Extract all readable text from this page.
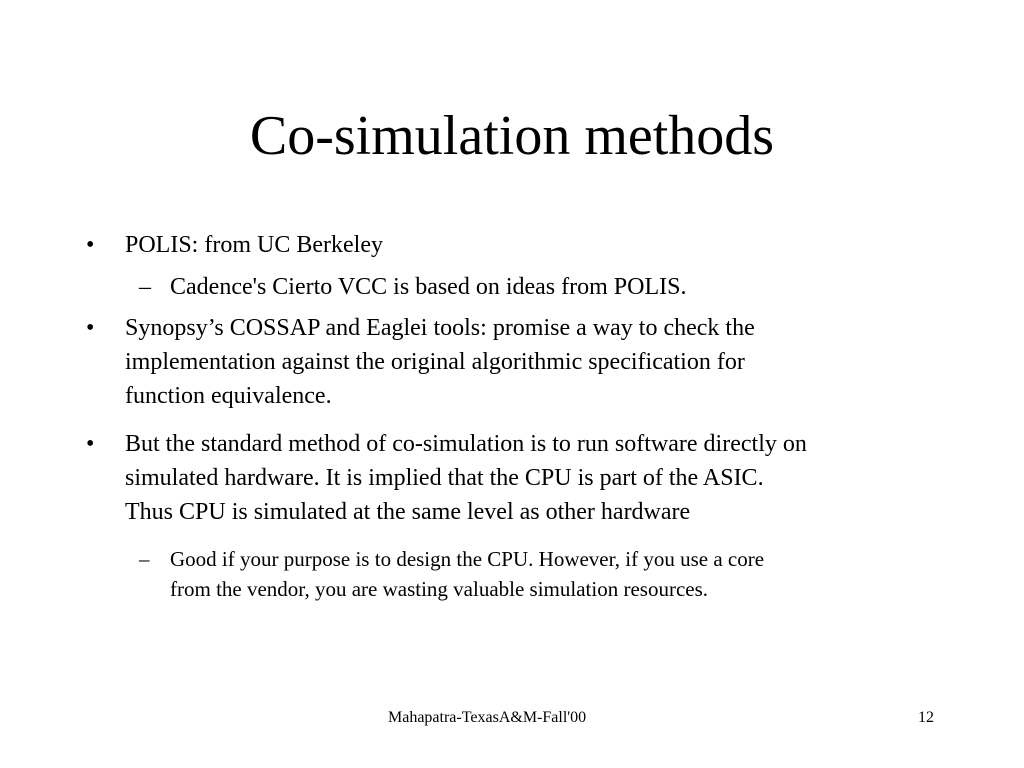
Co-simulation methods
• POLIS: from UC Berkeley
– Cadence's Cierto VCC is based on ideas from POLIS.
• Synopsy’s COSSAP and Eaglei tools: promise a way to check the
implementation against the original algorithmic specification for
function equivalence.
• But the standard method of co-simulation is to run software directly on
simulated hardware. It is implied that the CPU is part of the ASIC.
Thus CPU is simulated at the same level as other hardware
– Good if your purpose is to design the CPU. However, if you use a core
from the vendor, you are wasting valuable simulation resources.
Mahapatra-TexasA&M-Fall'00	12
